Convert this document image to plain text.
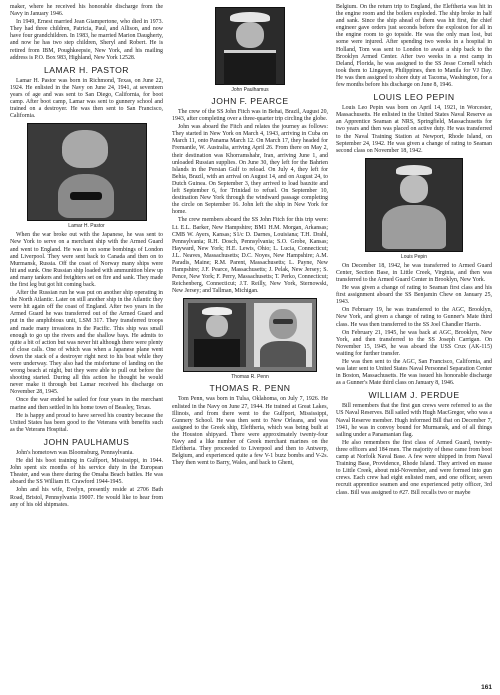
maker, where he received his honorable discharge from the Navy in January 1946.

In 1949, Ernest married Jean Giampertone, who died in 1973. They had three children, Patricia, Paul, and Allison, and now have four grandchildren. In 1983, he married Marion Daugherty, and now he has two step children, Sheryl and Robert. He is retired from IBM, Poughkeepsie, New York, and his mailing address is P.O. Box 983, Highland, New York 12528.

LAMAR H. PASTOR

Lamar H. Pastor was born in Richmond, Texas, on June 22, 1924. He enlisted in the Navy on June 24, 1941, at seventeen years of age and was sent to San Diego, California, for boot camp. After boot camp, Lamar was sent to gunnery school and trained on a destroyer. He was then sent to San Francisco, California.

Lamar H. Pastor

When the war broke out with the Japanese, he was sent to New York to serve on a merchant ship with the Armed Guard and went to England. He was in on some bombings of London and Liverpool. They were sent back to Canada and then on to Murmansk, Russia. Off the coast of Norway many ships were hit and sunk. One Russian ship loaded with ammunition blew up and many tankers and freighters set on fire and sank. They made the first leg but got hit coming back.

After the Russian run he was put on another ship operating in the North Atlantic. Later on still another ship in the Atlantic they were hit again off the coast of England. After two years in the Armed Guard he was transferred out of the Armed Guard and put in the amphibious unit, LSM 317. They transferred troops and made many invasions in the Pacific. This ship was small enough to go up the rivers and the shallow bays. He admits to quite a bit of action but was never hit although there were plenty of close calls. One of which was when a Japanese plane went down the stack of a destroyer right next to his boat while they were underway. They also had the misfortune of landing on the wrong beach at night, but they were able to pull out before the shooting started. During all this action he thought he would never make it through but Lamar received his discharge on November 28, 1945.

Once the war ended he sailed for four years in the merchant marine and then settled in his home town of Beasley, Texas.

He is happy and proud to have served his country because the United States has been good to the Veterans with benefits such as the Veterans Hospital.

JOHN PAULHAMUS

John's hometown was Bloomsburg, Pennsylvania.

He did his boot training in Gulfport, Mississippi, in 1944. John spent six months of his service duty in the European Theater, and was there during the Omaha Beach battles. He was aboard the SS William H. Crawford 1944-1945.

John and his wife, Evelyn, presently reside at 2706 Bath Road, Bristol, Pennsylvania 19007. He would like to hear from any of his old shipmates.

John Paulhamus
JOHN F. PEARCE

The crew of the SS John Fitch was in Behai, Brazil, August 20, 1943, after completing over a three-quarter trip circling the globe.

John was aboard the Fitch and relates the journey as follows: They started in New York on March 4, 1943, arriving in Cuba on March 11, onto Panama March 12. On March 17, they headed for Fremantle, W. Australia, arriving April 26. From there on May 2, their destination was Khorramshahr, Iran, arriving June 1, and unloaded Russian supplies. On June 30, they left for the Bahrien Islands in the Persian Gulf to reload. On July 4, they left for Behia, Brazil, with an arrival on August 14, and on August 24, to Dutch Guinea. On September 3, they arrived to load bauxite and left September 6, for Trinidad to refuel. On September 10, destination New York through the windward passage completing the circle on September 16. John left the ship in New York for home.

The crew members aboard the SS John Fitch for this trip were: Lt. E.L. Barker, New Hampshire; BM1 H.M. Morgan, Arkansas; CMB W. Ayers, Kansas; S1/c D. Darnes, Louisiana; T.H. Drahl, Pennsylvania; R.H. Dosch, Pennsylvania; S.O. Grobe, Kansas; Hayward, New York; H.E. Lewis, Ohio; L. Lucia, Connecticut; J.L. Neaves, Massachusetts; D.C. Noyes, New Hampshire; A.M. Paradis, Maine; R.M. Parent, Massachusetts; L. Payne, New Hampshire; J.F. Pearce, Massachusetts; J. Pelak, New Jersey; S. Pence, New York; F. Perry, Massachusetts; T. Perko, Connecticut; Reichenberg, Connecticut; J.T. Reilly, New York, Sternowski, New Jersey; and Tallman, Michigan.

Thomas R. Penn
THOMAS R. PENN

Tom Penn, was born in Tulsa, Oklahoma, on July 7, 1926. He enlisted in the Navy on June 27, 1944. He trained at Great Lakes, Illinois, and from there went to the Gulfport, Mississippi, Gunnery School. He was then sent to New Orleans, and was assigned to the Greek ship, Eleftheria, which was being built at the Houston shipyard. There were approximately twenty-four Navy and a like number of Greek merchant marines on the Eleftheria. They proceeded to Liverpool and then to Antwerp, Belgium, and experienced quite a few V-1 buzz bombs and V-2s. They then went to Barry, Wales, and back to Ghent,

Belgium. On the return trip to England, the Eleftheria was hit in the engine room and the boilers exploded. The ship broke in half and sank. Since the ship ahead of them was hit first, the chief engineer gave orders just seconds before the explosion for all in the engine room to go topside. He was the only man lost, but some were injured. After spending two weeks in a hospital in Holland, Tom was sent to London to await a ship back to the Brooklyn Armed Center. After two weeks in a rest camp in Deland, Florida, he was assigned to the SS Jesse Cornell which took them to Lingayen, Philippines, then to Manila for VJ Day. He was then assigned to shore duty at Tacoma, Washington, for a few months before his discharge on June 8, 1946.

LOUIS LEO PEPIN

Louis Leo Pepin was born on April 14, 1921, in Worcester, Massachusetts. He enlisted in the United States Naval Reserve as an Apprentice Seaman at NRS, Springfield, Massachusetts for two years and then was placed on active duty. He was transferred to the Naval Training Station at Newport, Rhode Island, on September 24, 1942. He was given a change of rating to Seaman second class on November 18, 1942.

Louis Pepin

On December 18, 1942, he was transferred to Armed Guard Center, Section Base, in Little Creek, Virginia, and then was transferred to the Armed Guard Center in Brooklyn, New York.

He was given a change of rating to Seaman first class and his first assignment aboard the SS Benjamin Chew on January 25, 1943.

On February 19, he was transferred to the AGC, Brooklyn, New York, and given a change of rating to Gunner's Mate third class. He was then transferred to the SS Joel Chandler Harris.

On February 21, 1945, he was back at AGC, Brooklyn, New York, and then transferred to the SS Joseph Carrigan. On November 15, 1945, he was aboard the USS Crux (AK-115) waiting for further transfer.

He was then sent to the AGC, San Francisco, California, and was later sent to United States Naval Personnel Separation Center in Boston, Massachusetts. He was issued his honorable discharge as a Gunner's Mate third class on January 8, 1946.

WILLIAM J. PERDUE

Bill remembers that the first gun crews were referred to as the US Naval Reserves. Bill sailed with Hugh MacGregor, who was a Naval Reserve member. Hugh informed Bill that on December 7, 1941, he was in convoy bound for Murmansk, and of all things sailing under a Panamanian flag.

He also remembers the first class of Armed Guard, twenty-three officers and 184 men. The majority of these came from boot camp at Norfolk Naval Base. A few were shipped in from Naval Training Base, Providence, Rhode Island. They arrived en masse to Little Creek, about mid-November, and were formed into gun crews. Each crew had eight enlisted men, and one officer, seven recruit apprentice seamen and one experienced petty officer, 3rd class. Bill was assigned to #27. Bill recalls two or maybe

161
